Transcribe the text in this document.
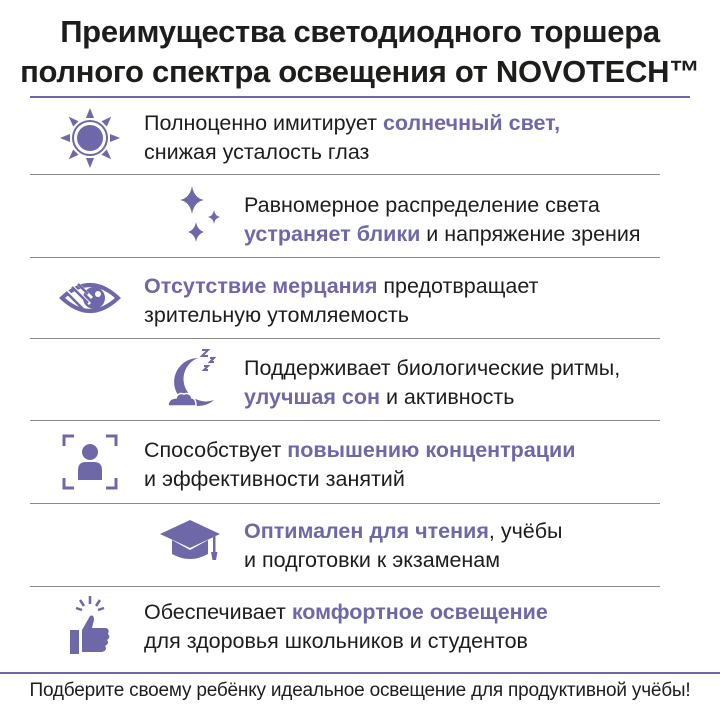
Преимущества светодиодного торшера
полного спектра освещения от NOVOTECH™
Полноценно имитирует солнечный свет,
снижая усталость глаз
Равномерное распределение света
устраняет блики и напряжение зрения
Отсутствие мерцания предотвращает
зрительную утомляемость
Поддерживает биологические ритмы,
улучшая сон и активность
Способствует повышению концентрации
и эффективности занятий
Оптимален для чтения, учёбы
и подготовки к экзаменам
Обеспечивает комфортное освещение
для здоровья школьников и студентов
Подберите своему ребёнку идеальное освещение для продуктивной учёбы!
